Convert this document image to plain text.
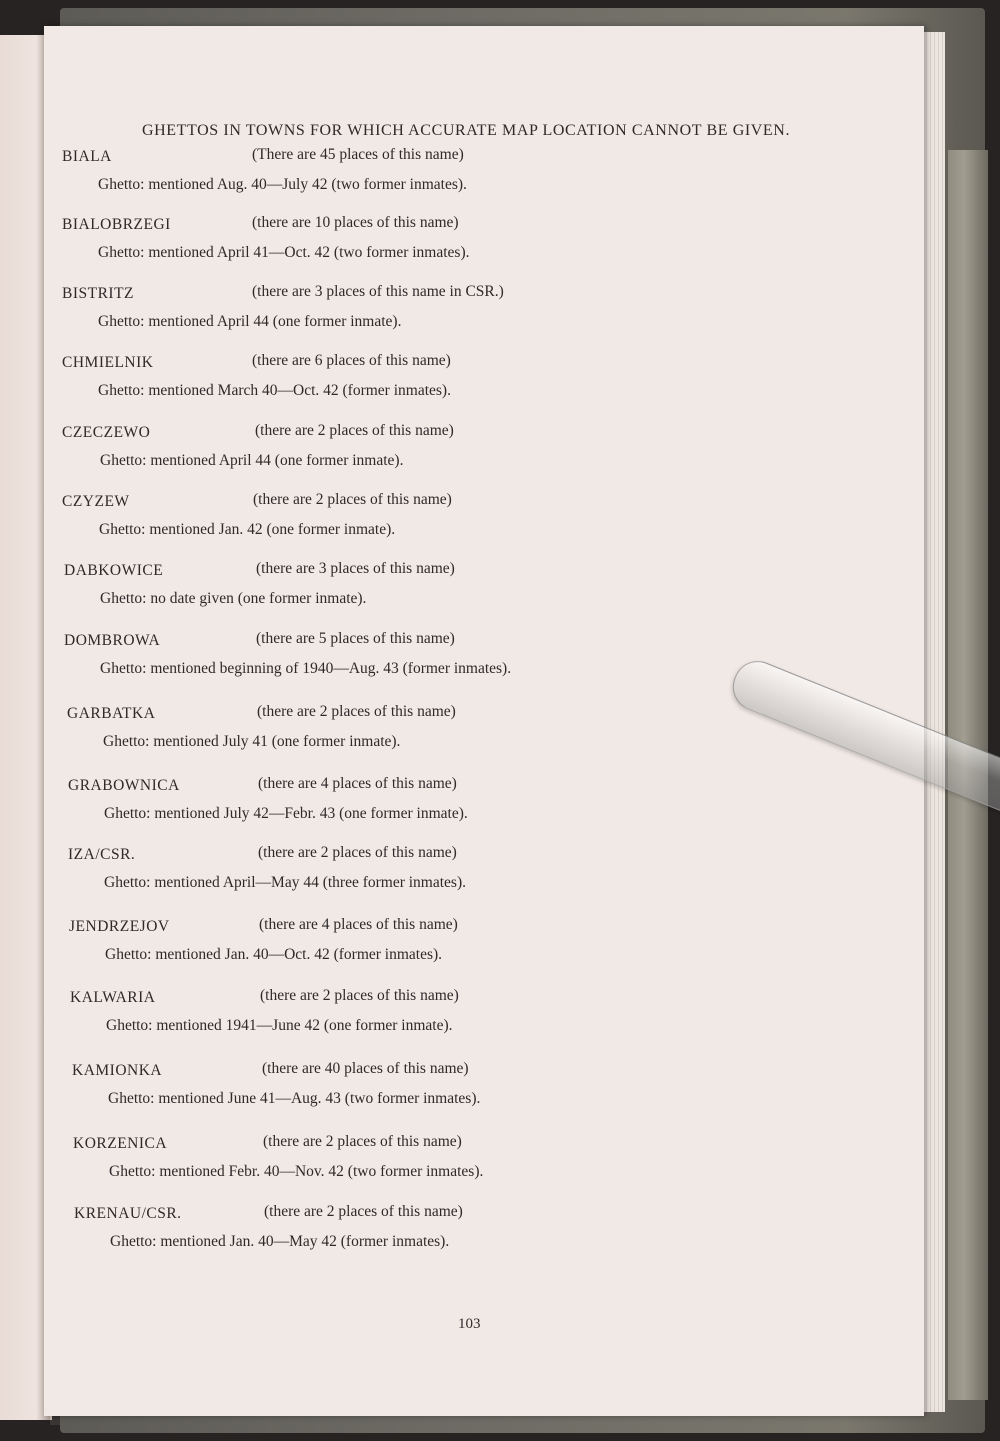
GHETTOS IN TOWNS FOR WHICH ACCURATE MAP LOCATION CANNOT BE GIVEN.
BIALA	(There are 45 places of this name)
Ghetto: mentioned Aug. 40—July 42 (two former inmates).
BIALOBRZEGI	(there are 10 places of this name)
Ghetto: mentioned April 41—Oct. 42 (two former inmates).
BISTRITZ	(there are 3 places of this name in CSR.)
Ghetto: mentioned April 44 (one former inmate).
CHMIELNIK	(there are 6 places of this name)
Ghetto: mentioned March 40—Oct. 42 (former inmates).
CZECZEWO	(there are 2 places of this name)
Ghetto: mentioned April 44 (one former inmate).
CZYZEW	(there are 2 places of this name)
Ghetto: mentioned Jan. 42 (one former inmate).
DABKOWICE	(there are 3 places of this name)
Ghetto: no date given (one former inmate).
DOMBROWA	(there are 5 places of this name)
Ghetto: mentioned beginning of 1940—Aug. 43 (former inmates).
GARBATKA	(there are 2 places of this name)
Ghetto: mentioned July 41 (one former inmate).
GRABOWNICA	(there are 4 places of this name)
Ghetto: mentioned July 42—Febr. 43 (one former inmate).
IZA/CSR.	(there are 2 places of this name)
Ghetto: mentioned April—May 44 (three former inmates).
JENDRZEJOV	(there are 4 places of this name)
Ghetto: mentioned Jan. 40—Oct. 42 (former inmates).
KALWARIA	(there are 2 places of this name)
Ghetto: mentioned 1941—June 42 (one former inmate).
KAMIONKA	(there are 40 places of this name)
Ghetto: mentioned June 41—Aug. 43 (two former inmates).
KORZENICA	(there are 2 places of this name)
Ghetto: mentioned Febr. 40—Nov. 42 (two former inmates).
KRENAU/CSR.	(there are 2 places of this name)
Ghetto: mentioned Jan. 40—May 42 (former inmates).
103
